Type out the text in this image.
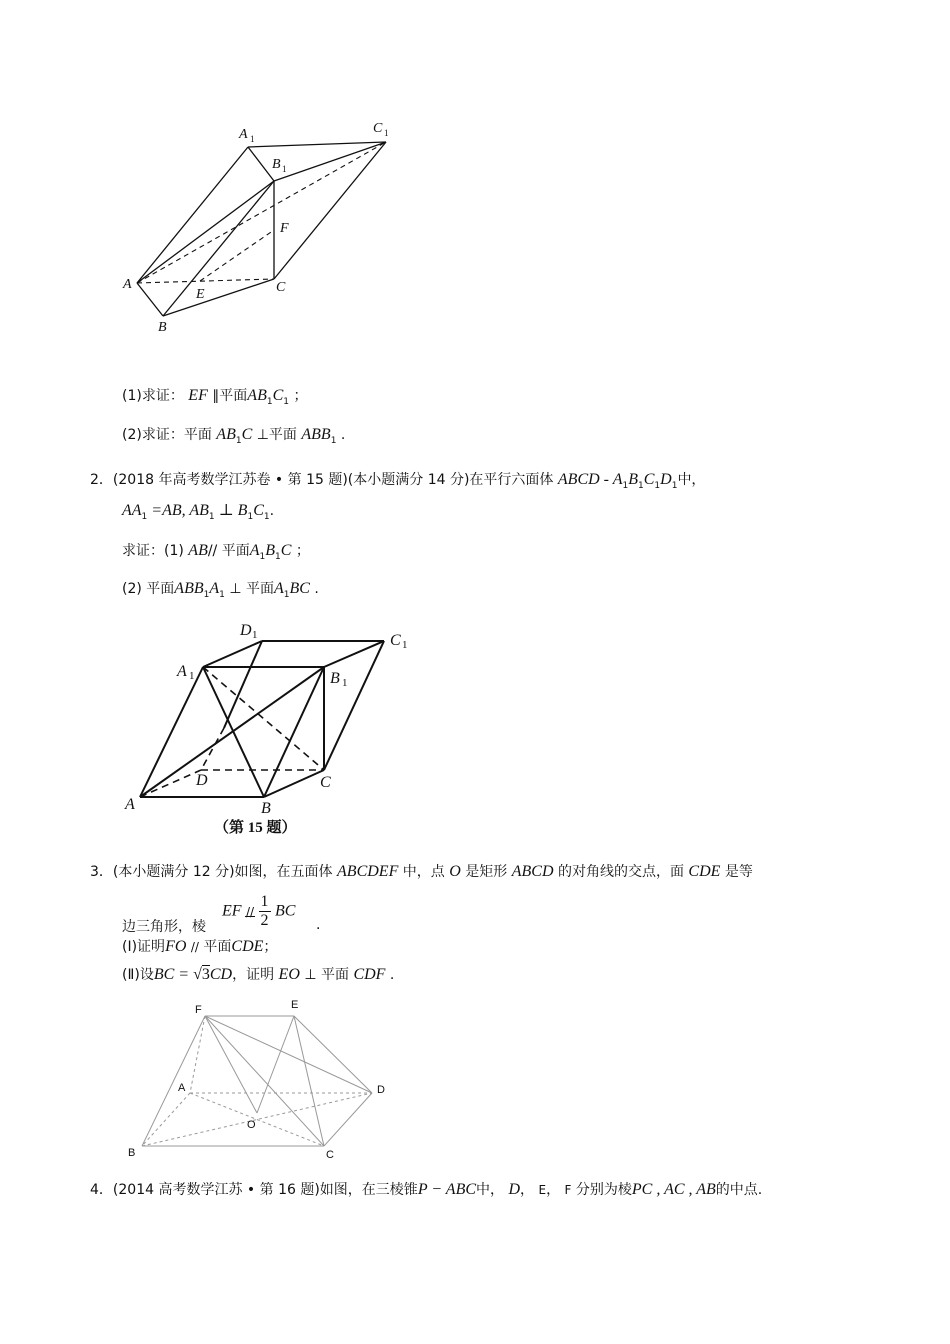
A 1
C 1
B 1
F
A
E	C
B
(1)求证： EF ∥平面$AB_1C_1$ ；
(2)求证：平面 $AB_1C$ ⊥平面 $ABB_1$ .
2．(2018 年高考数学江苏卷 • 第 15 题)(本小题满分 14 分)在平行六面体 ABCD - $A_1B_1C_1D_1$中，
$AA_1 =AB$, $AB_1$ ⊥ $B_1C_1$.
求证：(1) AB// 平面$A_1B_1C$ ；
(2) 平面$ABB_1A_1$ ⊥ 平面$A_1BC$ .
D 1	C 1
A 1	B 1
D	C
A	B
（第 15 题）
3．(本小题满分 12 分)如图，在五面体 ABCDEF 中，点 O 是矩形 ABCD 的对角线的交点，面 CDE 是等
边三角形，棱
EF //
$\frac{1}{2}$ BC
.
(Ⅰ)证明FO // 平面CDE；
(Ⅱ)设BC = √3CD，证明 EO ⊥ 平面 CDF .
F	E
A	D
O
B	C
4．(2014 高考数学江苏 • 第 16 题)如图，在三棱锥P − ABC中， D， E， F 分别为棱PC , AC , AB的中点.
